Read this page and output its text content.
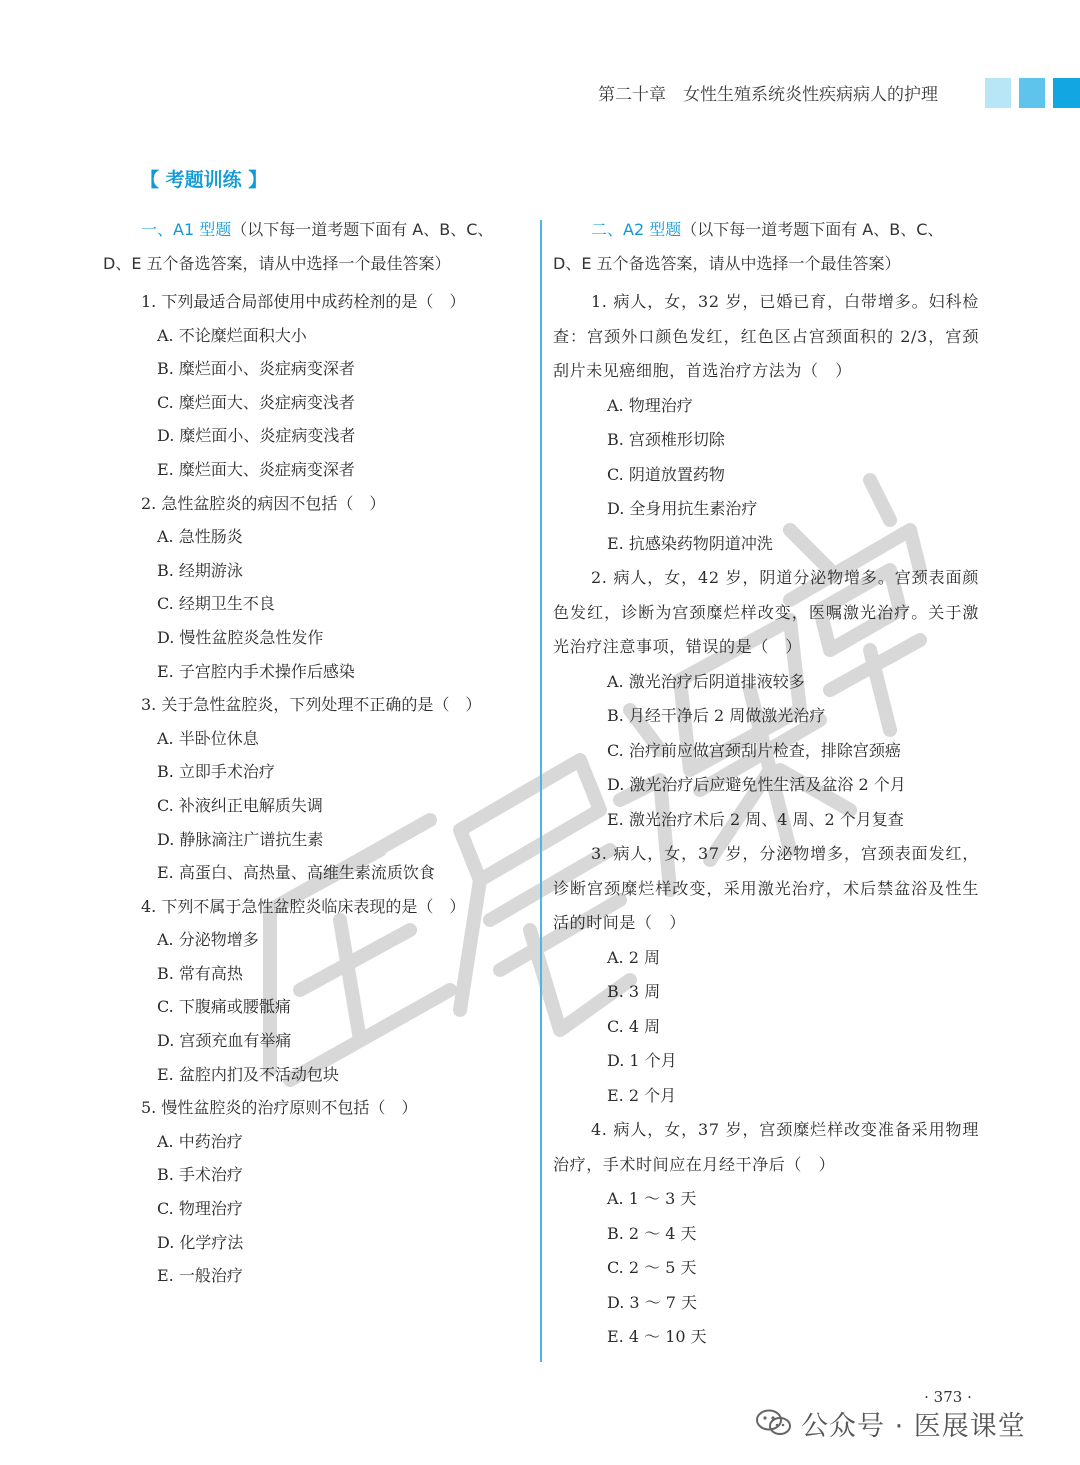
第二十章　女性生殖系统炎性疾病病人的护理
【 考题训练 】
一、A1 型题（以下每一道考题下面有 A、B、C、
D、E 五个备选答案，请从中选择一个最佳答案）
1. 下列最适合局部使用中成药栓剂的是（　）
A. 不论糜烂面积大小
B. 糜烂面小、炎症病变深者
C. 糜烂面大、炎症病变浅者
D. 糜烂面小、炎症病变浅者
E. 糜烂面大、炎症病变深者
2. 急性盆腔炎的病因不包括（　）
A. 急性肠炎
B. 经期游泳
C. 经期卫生不良
D. 慢性盆腔炎急性发作
E. 子宫腔内手术操作后感染
3. 关于急性盆腔炎，下列处理不正确的是（　）
A. 半卧位休息
B. 立即手术治疗
C. 补液纠正电解质失调
D. 静脉滴注广谱抗生素
E. 高蛋白、高热量、高维生素流质饮食
4. 下列不属于急性盆腔炎临床表现的是（　）
A. 分泌物增多
B. 常有高热
C. 下腹痛或腰骶痛
D. 宫颈充血有举痛
E. 盆腔内扪及不活动包块
5. 慢性盆腔炎的治疗原则不包括（　）
A. 中药治疗
B. 手术治疗
C. 物理治疗
D. 化学疗法
E. 一般治疗
二、A2 型题（以下每一道考题下面有 A、B、C、
D、E 五个备选答案，请从中选择一个最佳答案）
1. 病人，女，32 岁，已婚已育，白带增多。妇科检查：宫颈外口颜色发红，红色区占宫颈面积的 2/3，宫颈刮片未见癌细胞，首选治疗方法为（　）
A. 物理治疗
B. 宫颈椎形切除
C. 阴道放置药物
D. 全身用抗生素治疗
E. 抗感染药物阴道冲洗
2. 病人，女，42 岁，阴道分泌物增多。宫颈表面颜色发红，诊断为宫颈糜烂样改变，医嘱激光治疗。关于激光治疗注意事项，错误的是（　）
A. 激光治疗后阴道排液较多
B. 月经干净后 2 周做激光治疗
C. 治疗前应做宫颈刮片检查，排除宫颈癌
D. 激光治疗后应避免性生活及盆浴 2 个月
E. 激光治疗术后 2 周、4 周、2 个月复查
3. 病人，女，37 岁，分泌物增多，宫颈表面发红，诊断宫颈糜烂样改变，采用激光治疗，术后禁盆浴及性生活的时间是（　）
A. 2 周
B. 3 周
C. 4 周
D. 1 个月
E. 2 个月
4. 病人，女，37 岁，宫颈糜烂样改变准备采用物理治疗，手术时间应在月经干净后（　）
A. 1 ～ 3 天
B. 2 ～ 4 天
C. 2 ～ 5 天
D. 3 ～ 7 天
E. 4 ～ 10 天
· 373 ·
公众号 · 医展课堂
